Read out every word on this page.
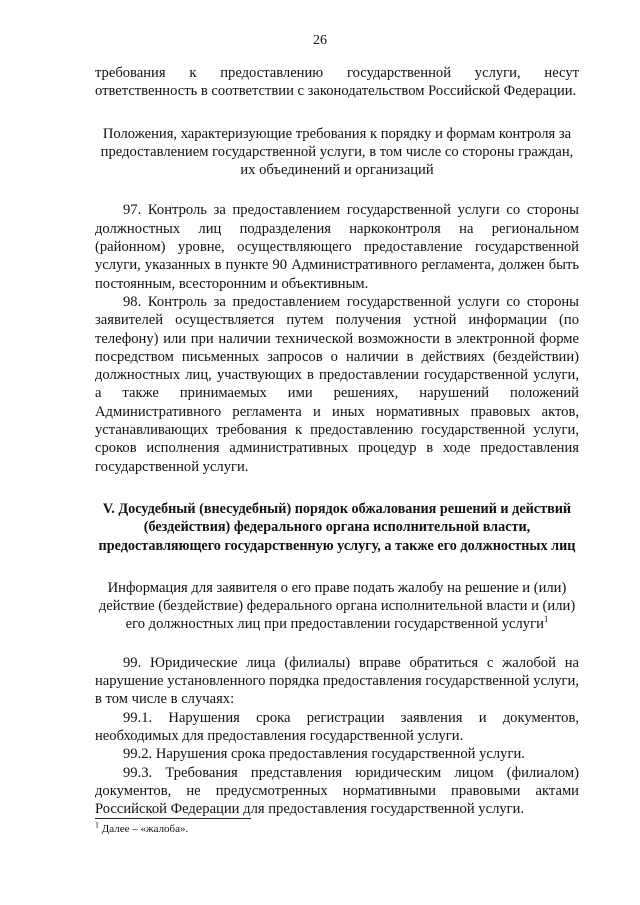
26

требования к предоставлению государственной услуги, несут ответственность в соответствии с законодательством Российской Федерации.

Положения, характеризующие требования к порядку и формам контроля за предоставлением государственной услуги, в том числе со стороны граждан, их объединений и организаций

97. Контроль за предоставлением государственной услуги со стороны должностных лиц подразделения наркоконтроля на региональном (районном) уровне, осуществляющего предоставление государственной услуги, указанных в пункте 90 Административного регламента, должен быть постоянным, всесторонним и объективным.

98. Контроль за предоставлением государственной услуги со стороны заявителей осуществляется путем получения устной информации (по телефону) или при наличии технической возможности в электронной форме посредством письменных запросов о наличии в действиях (бездействии) должностных лиц, участвующих в предоставлении государственной услуги, а также принимаемых ими решениях, нарушений положений Административного регламента и иных нормативных правовых актов, устанавливающих требования к предоставлению государственной услуги, сроков исполнения административных процедур в ходе предоставления государственной услуги.

V. Досудебный (внесудебный) порядок обжалования решений и действий (бездействия) федерального органа исполнительной власти, предоставляющего государственную услугу, а также его должностных лиц

Информация для заявителя о его праве подать жалобу на решение и (или) действие (бездействие) федерального органа исполнительной власти и (или) его должностных лиц при предоставлении государственной услуги$^1$

99. Юридические лица (филиалы) вправе обратиться с жалобой на нарушение установленного порядка предоставления государственной услуги, в том числе в случаях:

99.1. Нарушения срока регистрации заявления и документов, необходимых для предоставления государственной услуги.

99.2. Нарушения срока предоставления государственной услуги.

99.3. Требования представления юридическим лицом (филиалом) документов, не предусмотренных нормативными правовыми актами Российской Федерации для предоставления государственной услуги.

$^1$ Далее – «жалоба».
